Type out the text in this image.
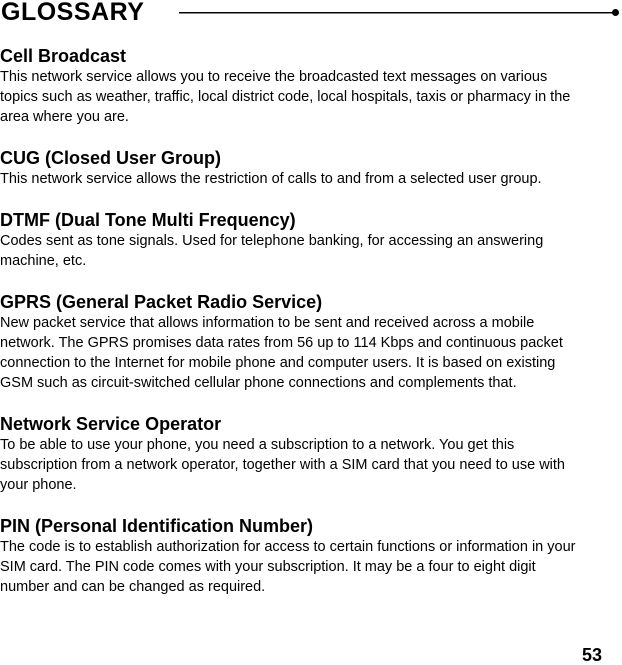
GLOSSARY
Cell Broadcast

This network service allows you to receive the broadcasted text messages on various topics such as weather, traffic, local district code, local hospitals, taxis or pharmacy in the area where you are.

CUG (Closed User Group)

This network service allows the restriction of calls to and from a selected user group.

DTMF (Dual Tone Multi Frequency)

Codes sent as tone signals. Used for telephone banking, for accessing an answering machine, etc.

GPRS (General Packet Radio Service)

New packet service that allows information to be sent and received across a mobile network. The GPRS promises data rates from 56 up to 114 Kbps and continuous packet connection to the Internet for mobile phone and computer users. It is based on existing GSM such as circuit-switched cellular phone connections and complements that.

Network Service Operator

To be able to use your phone, you need a subscription to a network. You get this subscription from a network operator, together with a SIM card that you need to use with your phone.

PIN (Personal Identification Number)

The code is to establish authorization for access to certain functions or information in your SIM card. The PIN code comes with your subscription. It may be a four to eight digit number and can be changed as required.

53
